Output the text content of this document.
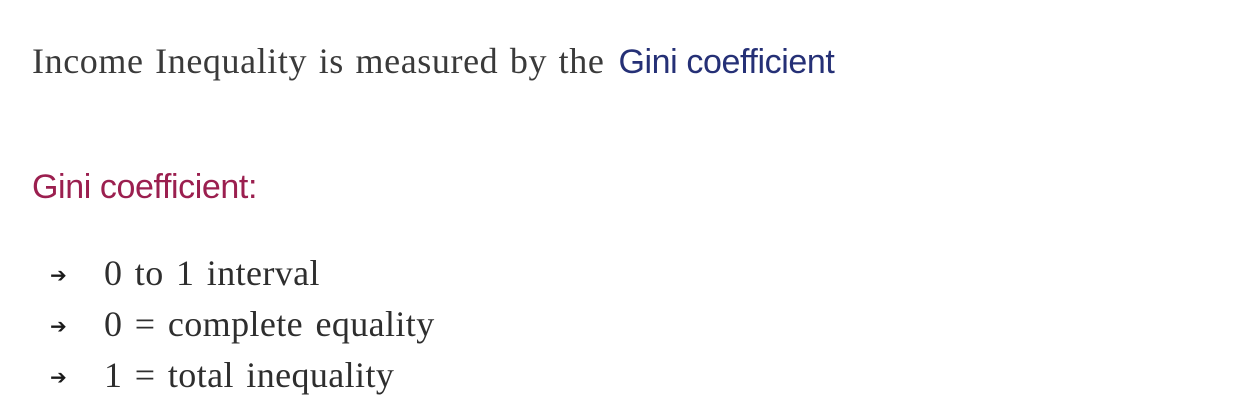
Income Inequality is measured by the Gini coefficient
Gini coefficient:
➔	0 to 1 interval
➔	0 = complete equality
➔	1 = total inequality
